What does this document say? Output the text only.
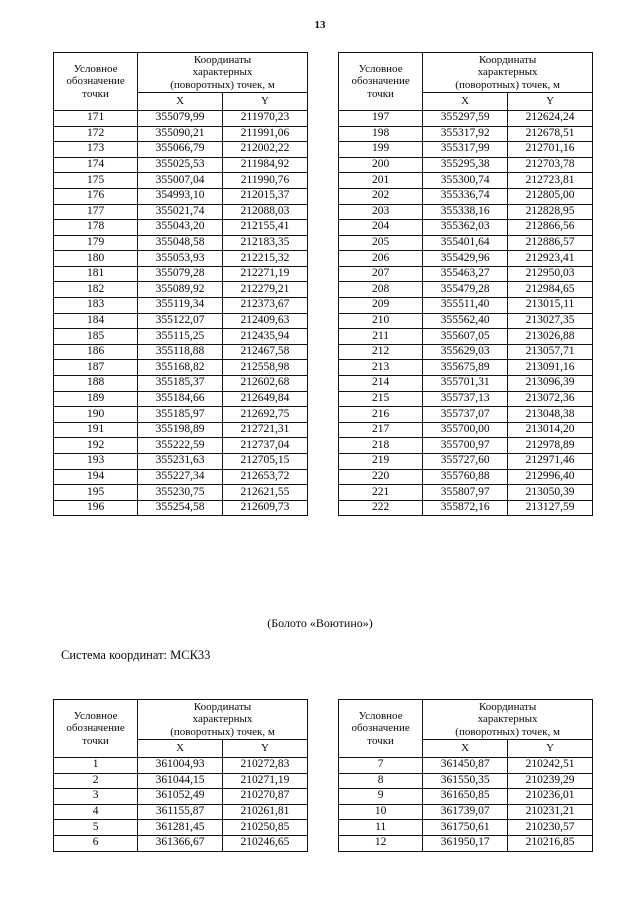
13
Условное
обозначение
точки	Координаты
характерных
(поворотных) точек, м	

	X	Y
171	355079,99	211970,23
172	355090,21	211991,06
173	355066,79	212002,22
174	355025,53	211984,92
175	355007,04	211990,76
176	354993,10	212015,37
177	355021,74	212088,03
178	355043,20	212155,41
179	355048,58	212183,35
180	355053,93	212215,32
181	355079,28	212271,19
182	355089,92	212279,21
183	355119,34	212373,67
184	355122,07	212409,63
185	355115,25	212435,94
186	355118,88	212467,58
187	355168,82	212558,98
188	355185,37	212602,68
189	355184,66	212649,84
190	355185,97	212692,75
191	355198,89	212721,31
192	355222,59	212737,04
193	355231,63	212705,15
194	355227,34	212653,72
195	355230,75	212621,55
196	355254,58	212609,73
Условное
обозначение
точки	Координаты
характерных
(поворотных) точек, м	

	X	Y
197	355297,59	212624,24
198	355317,92	212678,51
199	355317,99	212701,16
200	355295,38	212703,78
201	355300,74	212723,81
202	355336,74	212805,00
203	355338,16	212828,95
204	355362,03	212866,56
205	355401,64	212886,57
206	355429,96	212923,41
207	355463,27	212950,03
208	355479,28	212984,65
209	355511,40	213015,11
210	355562,40	213027,35
211	355607,05	213026,88
212	355629,03	213057,71
213	355675,89	213091,16
214	355701,31	213096,39
215	355737,13	213072,36
216	355737,07	213048,38
217	355700,00	213014,20
218	355700,97	212978,89
219	355727,60	212971,46
220	355760,88	212996,40
221	355807,97	213050,39
222	355872,16	213127,59
(Болото «Воютино»)
Система координат: МСК33
Условное
обозначение
точки	Координаты
характерных
(поворотных) точек, м	

	X	Y
1	361004,93	210272,83
2	361044,15	210271,19
3	361052,49	210270,87
4	361155,87	210261,81
5	361281,45	210250,85
6	361366,67	210246,65
Условное
обозначение
точки	Координаты
характерных
(поворотных) точек, м	

	X	Y
7	361450,87	210242,51
8	361550,35	210239,29
9	361650,85	210236,01
10	361739,07	210231,21
11	361750,61	210230,57
12	361950,17	210216,85
